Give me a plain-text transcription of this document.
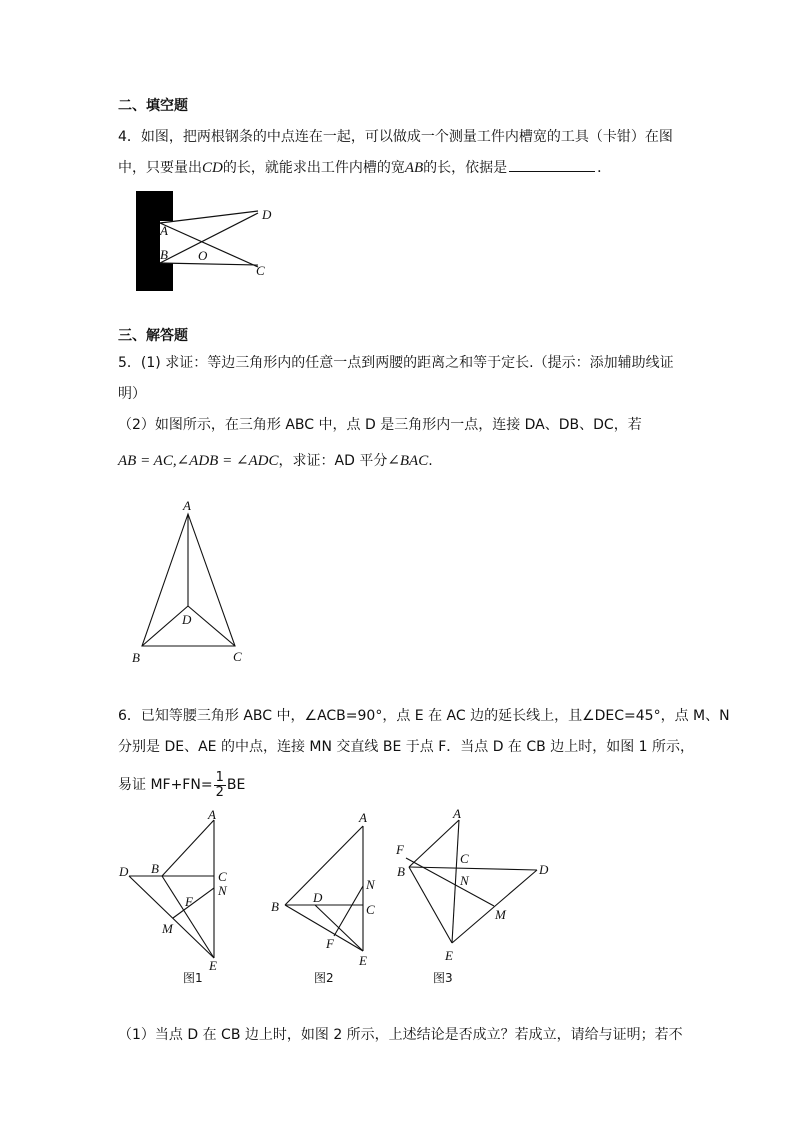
二、填空题
4．如图，把两根钢条的中点连在一起，可以做成一个测量工件内槽宽的工具（卡钳）在图
中，只要量出CD的长，就能求出工件内槽的宽AB的长，依据是	．
A
B O
D
C
三、解答题
5．(1) 求证：等边三角形内的任意一点到两腰的距离之和等于定长.（提示：添加辅助线证
明）
（2）如图所示，在三角形 ABC 中，点 D 是三角形内一点，连接 DA、DB、DC，若
AB = AC,∠ADB = ∠ADC，求证：AD 平分∠BAC.
A
D
B	C
6．已知等腰三角形 ABC 中，∠ACB=90°，点 E 在 AC 边的延长线上，且∠DEC=45°，点 M、N
分别是 DE、AE 的中点，连接 MN 交直线 BE 于点 F．当点 D 在 CB 边上时，如图 1 所示，
易证 $MF+FN= \frac{1}{2}$ BE
A
D B
C
N
F
M
E
图1
A
N
D
B	C
F
E
图2
A
F
C
B	D
N
M
E
图3
（1）当点 D 在 CB 边上时，如图 2 所示，上述结论是否成立？若成立，请给与证明；若不
